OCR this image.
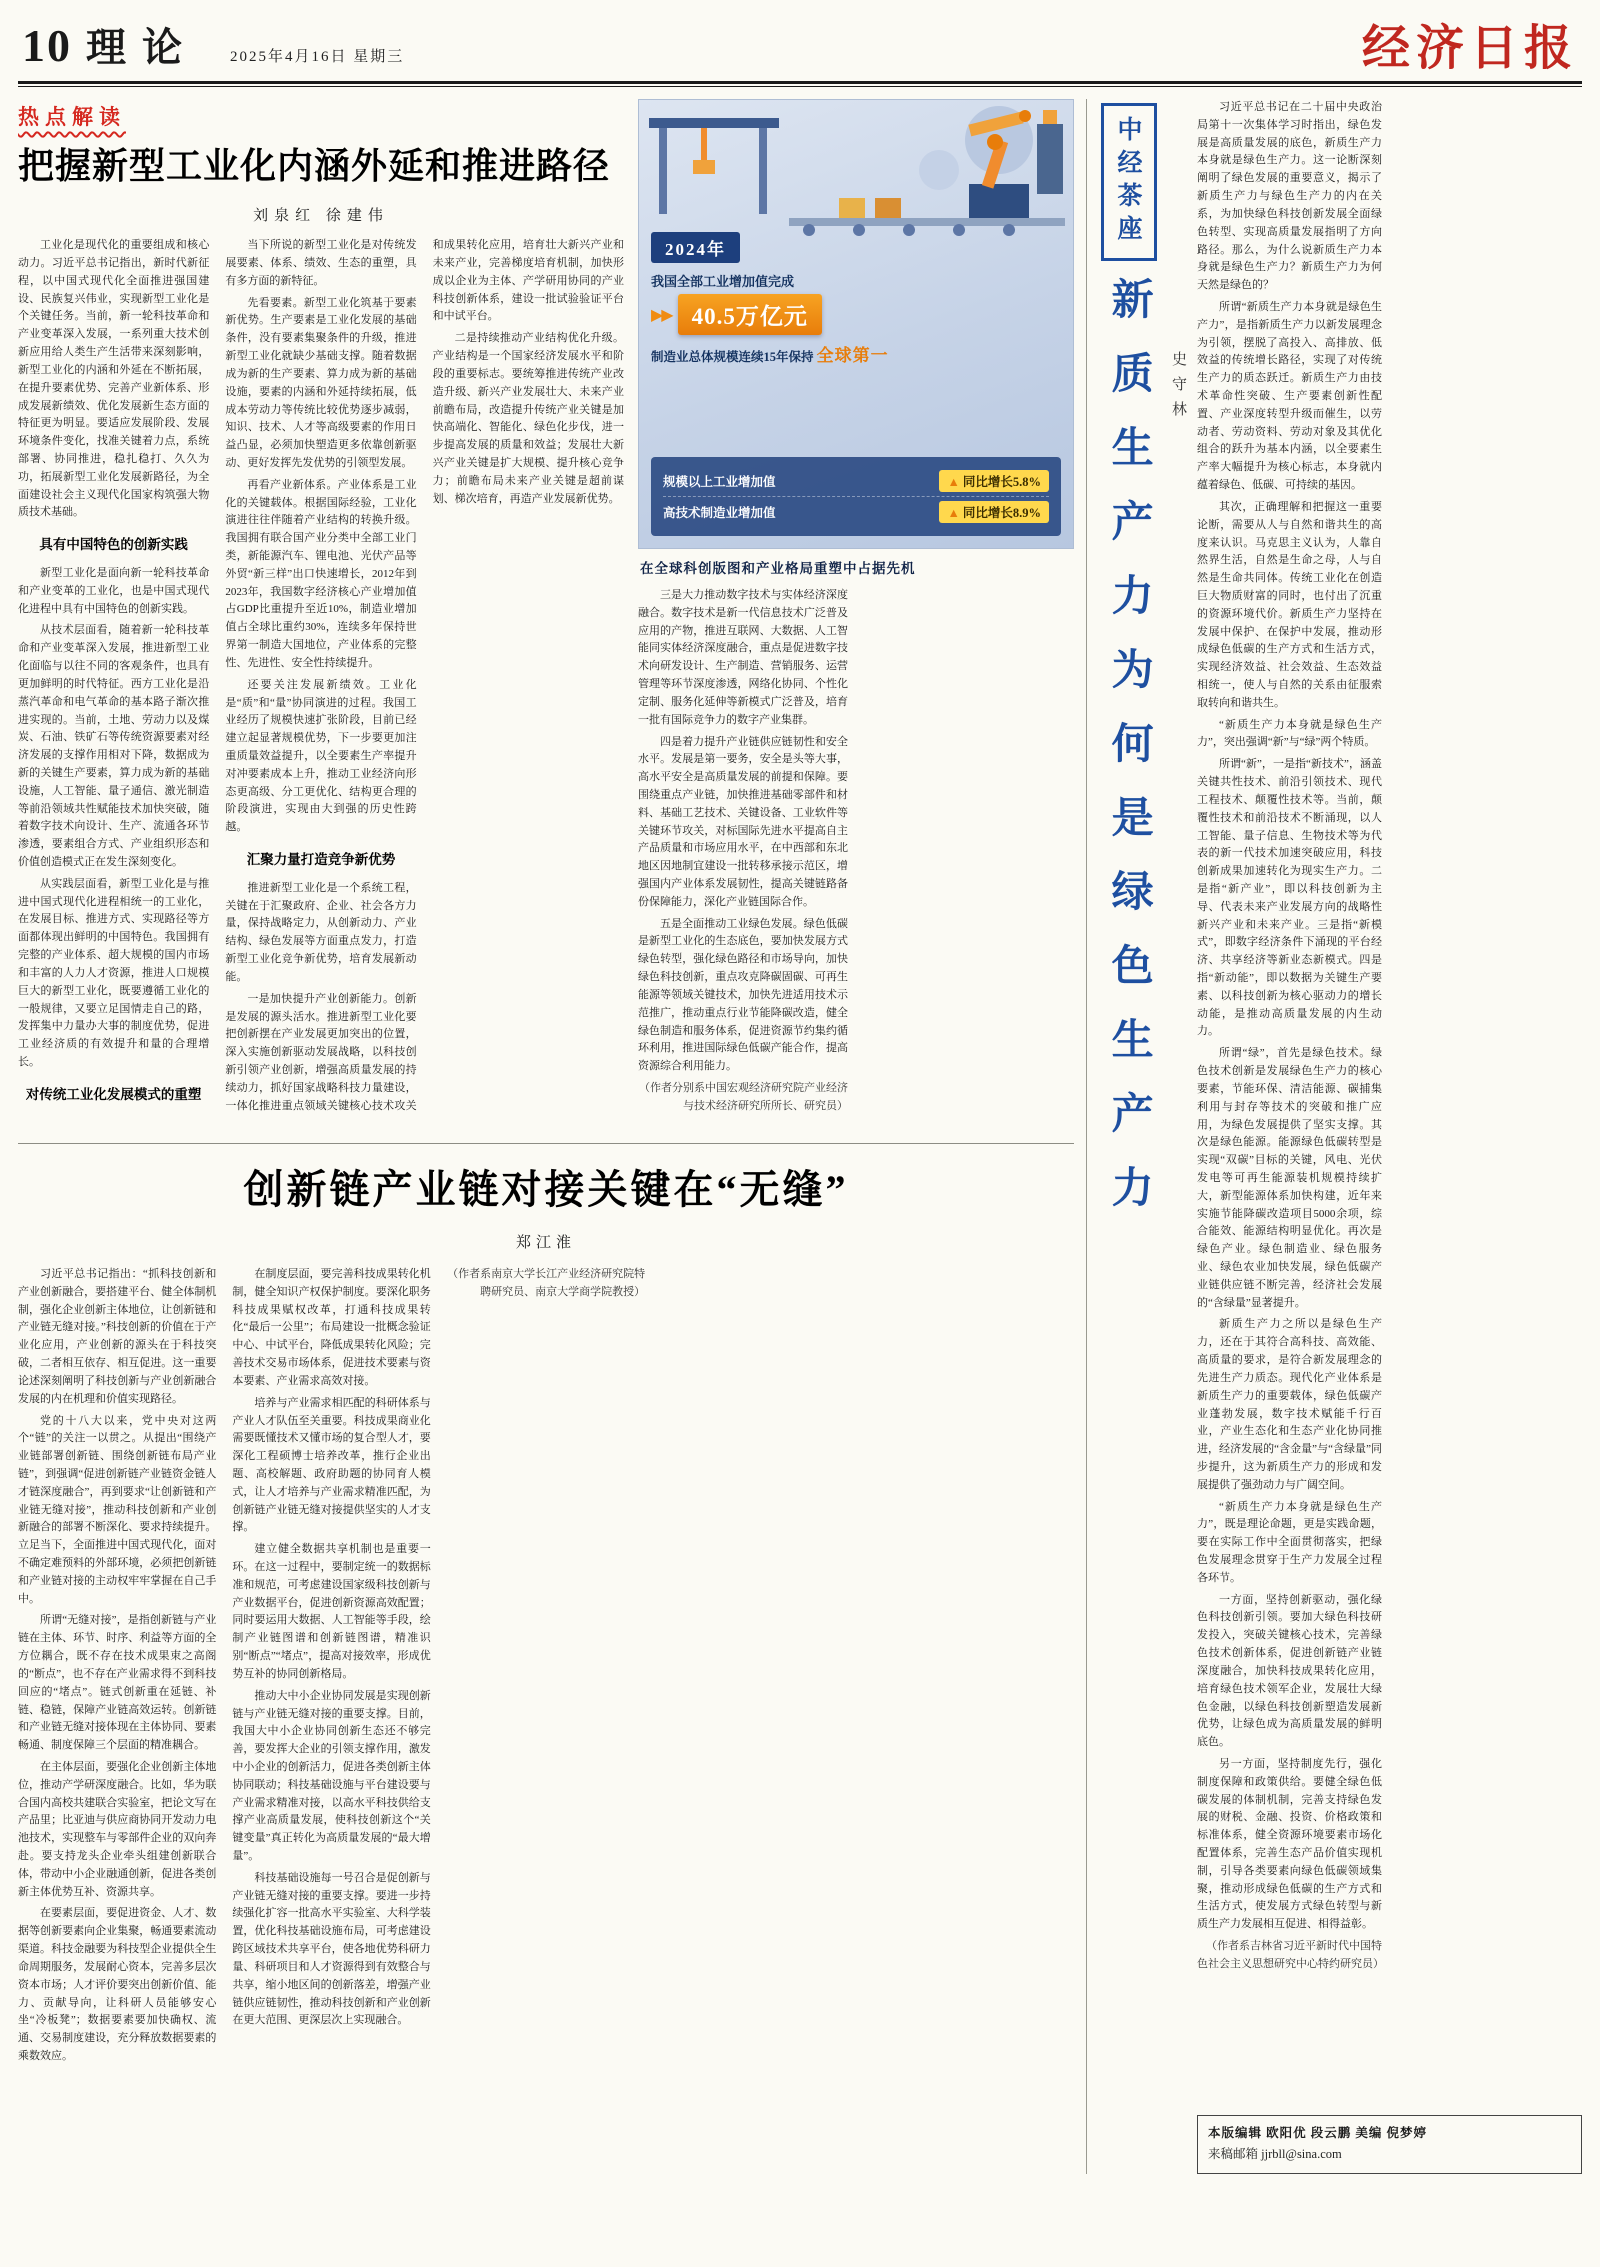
10 理论 2025年4月16日 星期三	经济日报
热点解读
把握新型工业化内涵外延和推进路径
刘泉红 徐建伟

工业化是现代化的重要组成和核心动力。习近平总书记指出，新时代新征程，以中国式现代化全面推进强国建设、民族复兴伟业，实现新型工业化是个关键任务。当前，新一轮科技革命和产业变革深入发展，一系列重大技术创新应用给人类生产生活带来深刻影响，新型工业化的内涵和外延在不断拓展，在提升要素优势、完善产业新体系、形成发展新绩效、优化发展新生态方面的特征更为明显。要适应发展阶段、发展环境条件变化，找准关键着力点，系统部署、协同推进，稳扎稳打、久久为功，拓展新型工业化发展新路径，为全面建设社会主义现代化国家构筑强大物质技术基础。

具有中国特色的创新实践

新型工业化是面向新一轮科技革命和产业变革的工业化，也是中国式现代化进程中具有中国特色的创新实践。

从技术层面看，随着新一轮科技革命和产业变革深入发展，推进新型工业化面临与以往不同的客观条件，也具有更加鲜明的时代特征。西方工业化是沿蒸汽革命和电气革命的基本路子渐次推进实现的。当前，土地、劳动力以及煤炭、石油、铁矿石等传统资源要素对经济发展的支撑作用相对下降，数据成为新的关键生产要素，算力成为新的基础设施，人工智能、量子通信、激光制造等前沿领域共性赋能技术加快突破，随着数字技术向设计、生产、流通各环节渗透，要素组合方式、产业组织形态和价值创造模式正在发生深刻变化。

从实践层面看，新型工业化是与推进中国式现代化进程相统一的工业化，在发展目标、推进方式、实现路径等方面都体现出鲜明的中国特色。我国拥有完整的产业体系、超大规模的国内市场和丰富的人力人才资源，推进人口规模巨大的新型工业化，既要遵循工业化的一般规律，又要立足国情走自己的路，发挥集中力量办大事的制度优势，促进工业经济质的有效提升和量的合理增长。

对传统工业化发展模式的重塑

当下所说的新型工业化是对传统发展要素、体系、绩效、生态的重塑，具有多方面的新特征。

先看要素。新型工业化筑基于要素新优势。生产要素是工业化发展的基础条件，没有要素集聚条件的升级，推进新型工业化就缺少基础支撑。随着数据成为新的生产要素、算力成为新的基础设施，要素的内涵和外延持续拓展，低成本劳动力等传统比较优势逐步减弱，知识、技术、人才等高级要素的作用日益凸显，必须加快塑造更多依靠创新驱动、更好发挥先发优势的引领型发展。

再看产业新体系。产业体系是工业化的关键载体。根据国际经验，工业化演进往往伴随着产业结构的转换升级。我国拥有联合国产业分类中全部工业门类，新能源汽车、锂电池、光伏产品等外贸“新三样”出口快速增长，2012年到2023年，我国数字经济核心产业增加值占GDP比重提升至近10%，制造业增加值占全球比重约30%，连续多年保持世界第一制造大国地位，产业体系的完整性、先进性、安全性持续提升。

还要关注发展新绩效。工业化是“质”和“量”协同演进的过程。我国工业经历了规模快速扩张阶段，目前已经建立起显著规模优势，下一步要更加注重质量效益提升，以全要素生产率提升对冲要素成本上升，推动工业经济向形态更高级、分工更优化、结构更合理的阶段演进，实现由大到强的历史性跨越。

汇聚力量打造竞争新优势

推进新型工业化是一个系统工程，关键在于汇聚政府、企业、社会各方力量，保持战略定力，从创新动力、产业结构、绿色发展等方面重点发力，打造新型工业化竞争新优势，培育发展新动能。

一是加快提升产业创新能力。创新是发展的源头活水。推进新型工业化要把创新摆在产业发展更加突出的位置，深入实施创新驱动发展战略，以科技创新引领产业创新，增强高质量发展的持续动力，抓好国家战略科技力量建设，一体化推进重点领域关键核心技术攻关和成果转化应用，培育壮大新兴产业和未来产业，完善梯度培育机制，加快形成以企业为主体、产学研用协同的产业科技创新体系，建设一批试验验证平台和中试平台。

二是持续推动产业结构优化升级。产业结构是一个国家经济发展水平和阶段的重要标志。要统筹推进传统产业改造升级、新兴产业发展壮大、未来产业前瞻布局，改造提升传统产业关键是加快高端化、智能化、绿色化步伐，进一步提高发展的质量和效益；发展壮大新兴产业关键是扩大规模、提升核心竞争力；前瞻布局未来产业关键是超前谋划、梯次培育，再造产业发展新优势。

2024年
我国全部工业增加值完成
▶▶ 40.5万亿元
制造业总体规模连续15年保持 全球第一
规模以上工业增加值	▲ 同比增长5.8%
高技术制造业增加值	▲ 同比增长8.9%
在全球科创版图和产业格局重塑中占据先机

三是大力推动数字技术与实体经济深度融合。数字技术是新一代信息技术广泛普及应用的产物，推进互联网、大数据、人工智能同实体经济深度融合，重点是促进数字技术向研发设计、生产制造、营销服务、运营管理等环节深度渗透，网络化协同、个性化定制、服务化延伸等新模式广泛普及，培育一批有国际竞争力的数字产业集群。

四是着力提升产业链供应链韧性和安全水平。发展是第一要务，安全是头等大事，高水平安全是高质量发展的前提和保障。要围绕重点产业链，加快推进基础零部件和材料、基础工艺技术、关键设备、工业软件等关键环节攻关，对标国际先进水平提高自主产品质量和市场应用水平，在中西部和东北地区因地制宜建设一批转移承接示范区，增强国内产业体系发展韧性，提高关键链路备份保障能力，深化产业链国际合作。

五是全面推动工业绿色发展。绿色低碳是新型工业化的生态底色，要加快发展方式绿色转型，强化绿色路径和市场导向，加快绿色科技创新，重点攻克降碳固碳、可再生能源等领域关键技术，加快先进适用技术示范推广，推动重点行业节能降碳改造，健全绿色制造和服务体系，促进资源节约集约循环利用，推进国际绿色低碳产能合作，提高资源综合利用能力。

（作者分别系中国宏观经济研究院产业经济与技术经济研究所所长、研究员）

创新链产业链对接关键在“无缝”
郑江淮

习近平总书记指出：“抓科技创新和产业创新融合，要搭建平台、健全体制机制，强化企业创新主体地位，让创新链和产业链无缝对接。”科技创新的价值在于产业化应用，产业创新的源头在于科技突破，二者相互依存、相互促进。这一重要论述深刻阐明了科技创新与产业创新融合发展的内在机理和价值实现路径。

党的十八大以来，党中央对这两个“链”的关注一以贯之。从提出“围绕产业链部署创新链、围绕创新链布局产业链”，到强调“促进创新链产业链资金链人才链深度融合”，再到要求“让创新链和产业链无缝对接”，推动科技创新和产业创新融合的部署不断深化、要求持续提升。立足当下，全面推进中国式现代化，面对不确定难预料的外部环境，必须把创新链和产业链对接的主动权牢牢掌握在自己手中。

所谓“无缝对接”，是指创新链与产业链在主体、环节、时序、利益等方面的全方位耦合，既不存在技术成果束之高阁的“断点”，也不存在产业需求得不到科技回应的“堵点”。链式创新重在延链、补链、稳链，保障产业链高效运转。创新链和产业链无缝对接体现在主体协同、要素畅通、制度保障三个层面的精准耦合。

在主体层面，要强化企业创新主体地位，推动产学研深度融合。比如，华为联合国内高校共建联合实验室，把论文写在产品里；比亚迪与供应商协同开发动力电池技术，实现整车与零部件企业的双向奔赴。要支持龙头企业牵头组建创新联合体，带动中小企业融通创新，促进各类创新主体优势互补、资源共享。

在要素层面，要促进资金、人才、数据等创新要素向企业集聚，畅通要素流动渠道。科技金融要为科技型企业提供全生命周期服务，发展耐心资本，完善多层次资本市场；人才评价要突出创新价值、能力、贡献导向，让科研人员能够安心坐“冷板凳”；数据要素要加快确权、流通、交易制度建设，充分释放数据要素的乘数效应。

在制度层面，要完善科技成果转化机制，健全知识产权保护制度。要深化职务科技成果赋权改革，打通科技成果转化“最后一公里”；布局建设一批概念验证中心、中试平台，降低成果转化风险；完善技术交易市场体系，促进技术要素与资本要素、产业需求高效对接。

培养与产业需求相匹配的科研体系与产业人才队伍至关重要。科技成果商业化需要既懂技术又懂市场的复合型人才，要深化工程硕博士培养改革，推行企业出题、高校解题、政府助题的协同育人模式，让人才培养与产业需求精准匹配，为创新链产业链无缝对接提供坚实的人才支撑。

建立健全数据共享机制也是重要一环。在这一过程中，要制定统一的数据标准和规范，可考虑建设国家级科技创新与产业数据平台，促进创新资源高效配置；同时要运用大数据、人工智能等手段，绘制产业链图谱和创新链图谱，精准识别“断点”“堵点”，提高对接效率，形成优势互补的协同创新格局。

推动大中小企业协同发展是实现创新链与产业链无缝对接的重要支撑。目前，我国大中小企业协同创新生态还不够完善，要发挥大企业的引领支撑作用，激发中小企业的创新活力，促进各类创新主体协同联动；科技基础设施与平台建设要与产业需求精准对接，以高水平科技供给支撑产业高质量发展，使科技创新这个“关键变量”真正转化为高质量发展的“最大增量”。

科技基础设施每一号召合是促创新与产业链无缝对接的重要支撑。要进一步持续强化扩容一批高水平实验室、大科学装置，优化科技基础设施布局，可考虑建设跨区域技术共享平台，使各地优势科研力量、科研项目和人才资源得到有效整合与共享，缩小地区间的创新落差，增强产业链供应链韧性，推动科技创新和产业创新在更大范围、更深层次上实现融合。

（作者系南京大学长江产业经济研究院特聘研究员、南京大学商学院教授）

中经茶座
新质生产力为何是绿色生产力 史守林

习近平总书记在二十届中央政治局第十一次集体学习时指出，绿色发展是高质量发展的底色，新质生产力本身就是绿色生产力。这一论断深刻阐明了绿色发展的重要意义，揭示了新质生产力与绿色生产力的内在关系，为加快绿色科技创新发展全面绿色转型、实现高质量发展指明了方向路径。那么，为什么说新质生产力本身就是绿色生产力？新质生产力为何天然是绿色的？

所谓“新质生产力本身就是绿色生产力”，是指新质生产力以新发展理念为引领，摆脱了高投入、高排放、低效益的传统增长路径，实现了对传统生产力的质态跃迁。新质生产力由技术革命性突破、生产要素创新性配置、产业深度转型升级而催生，以劳动者、劳动资料、劳动对象及其优化组合的跃升为基本内涵，以全要素生产率大幅提升为核心标志，本身就内蕴着绿色、低碳、可持续的基因。

其次，正确理解和把握这一重要论断，需要从人与自然和谐共生的高度来认识。马克思主义认为，人靠自然界生活，自然是生命之母，人与自然是生命共同体。传统工业化在创造巨大物质财富的同时，也付出了沉重的资源环境代价。新质生产力坚持在发展中保护、在保护中发展，推动形成绿色低碳的生产方式和生活方式，实现经济效益、社会效益、生态效益相统一，使人与自然的关系由征服索取转向和谐共生。

“新质生产力本身就是绿色生产力”，突出强调“新”与“绿”两个特质。

所谓“新”，一是指“新技术”，涵盖关键共性技术、前沿引领技术、现代工程技术、颠覆性技术等。当前，颠覆性技术和前沿技术不断涌现，以人工智能、量子信息、生物技术等为代表的新一代技术加速突破应用，科技创新成果加速转化为现实生产力。二是指“新产业”，即以科技创新为主导、代表未来产业发展方向的战略性新兴产业和未来产业。三是指“新模式”，即数字经济条件下涌现的平台经济、共享经济等新业态新模式。四是指“新动能”，即以数据为关键生产要素、以科技创新为核心驱动力的增长动能，是推动高质量发展的内生动力。

所谓“绿”，首先是绿色技术。绿色技术创新是发展绿色生产力的核心要素，节能环保、清洁能源、碳捕集利用与封存等技术的突破和推广应用，为绿色发展提供了坚实支撑。其次是绿色能源。能源绿色低碳转型是实现“双碳”目标的关键，风电、光伏发电等可再生能源装机规模持续扩大，新型能源体系加快构建，近年来实施节能降碳改造项目5000余项，综合能效、能源结构明显优化。再次是绿色产业。绿色制造业、绿色服务业、绿色农业加快发展，绿色低碳产业链供应链不断完善，经济社会发展的“含绿量”显著提升。

新质生产力之所以是绿色生产力，还在于其符合高科技、高效能、高质量的要求，是符合新发展理念的先进生产力质态。现代化产业体系是新质生产力的重要载体，绿色低碳产业蓬勃发展，数字技术赋能千行百业，产业生态化和生态产业化协同推进，经济发展的“含金量”与“含绿量”同步提升，这为新质生产力的形成和发展提供了强劲动力与广阔空间。

“新质生产力本身就是绿色生产力”，既是理论命题，更是实践命题，要在实际工作中全面贯彻落实，把绿色发展理念贯穿于生产力发展全过程各环节。

一方面，坚持创新驱动，强化绿色科技创新引领。要加大绿色科技研发投入，突破关键核心技术，完善绿色技术创新体系，促进创新链产业链深度融合，加快科技成果转化应用，培育绿色技术领军企业，发展壮大绿色金融，以绿色科技创新塑造发展新优势，让绿色成为高质量发展的鲜明底色。

另一方面，坚持制度先行，强化制度保障和政策供给。要健全绿色低碳发展的体制机制，完善支持绿色发展的财税、金融、投资、价格政策和标准体系，健全资源环境要素市场化配置体系，完善生态产品价值实现机制，引导各类要素向绿色低碳领域集聚，推动形成绿色低碳的生产方式和生活方式，使发展方式绿色转型与新质生产力发展相互促进、相得益彰。

（作者系吉林省习近平新时代中国特色社会主义思想研究中心特约研究员）

本版编辑 欧阳优 段云鹏 美编 倪梦婷
来稿邮箱 jjrbll@sina.com
